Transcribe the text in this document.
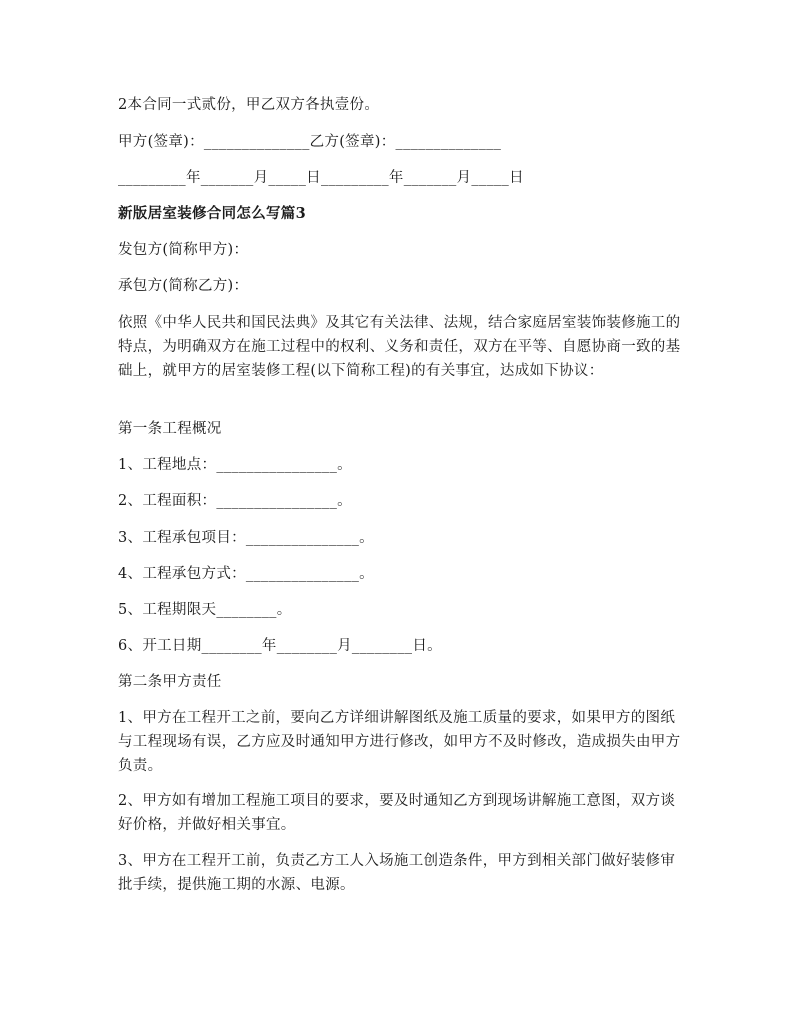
2本合同一式贰份，甲乙双方各执壹份。
甲方(签章)：______________乙方(签章)：______________
_________年_______月_____日_________年_______月_____日
新版居室装修合同怎么写篇3
发包方(简称甲方)：
承包方(简称乙方)：
依照《中华人民共和国民法典》及其它有关法律、法规，结合家庭居室装饰装修施工的特点，为明确双方在施工过程中的权利、义务和责任，双方在平等、自愿协商一致的基础上，就甲方的居室装修工程(以下简称工程)的有关事宜，达成如下协议：
第一条工程概况
1、工程地点：________________。
2、工程面积：________________。
3、工程承包项目：_______________。
4、工程承包方式：_______________。
5、工程期限天________。
6、开工日期________年________月________日。
第二条甲方责任
1、甲方在工程开工之前，要向乙方详细讲解图纸及施工质量的要求，如果甲方的图纸与工程现场有误，乙方应及时通知甲方进行修改，如甲方不及时修改，造成损失由甲方负责。
2、甲方如有增加工程施工项目的要求，要及时通知乙方到现场讲解施工意图，双方谈好价格，并做好相关事宜。
3、甲方在工程开工前，负责乙方工人入场施工创造条件，甲方到相关部门做好装修审批手续，提供施工期的水源、电源。
